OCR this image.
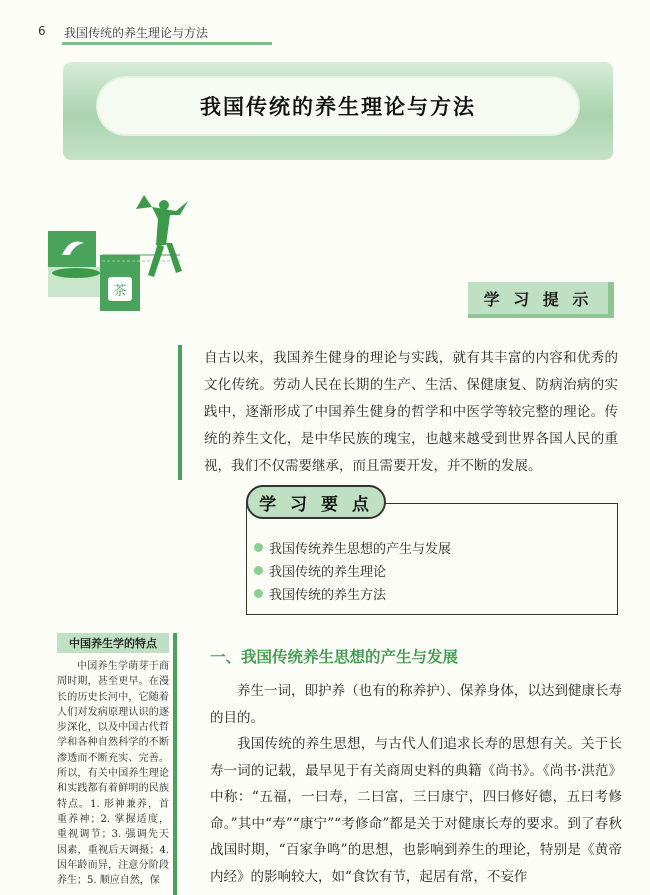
6 我国传统的养生理论与方法
我国传统的养生理论与方法
茶	学 习 提 示
自古以来，我国养生健身的理论与实践，就有其丰富的内容和优秀的文化传统。劳动人民在长期的生产、生活、保健康复、防病治病的实践中，逐渐形成了中国养生健身的哲学和中医学等较完整的理论。传统的养生文化，是中华民族的瑰宝，也越来越受到世界各国人民的重视，我们不仅需要继承，而且需要开发，并不断的发展。
学 习 要 点
我国传统养生思想的产生与发展
我国传统的养生理论
我国传统的养生方法
中国养生学的特点
中国养生学萌芽于商周时期，甚至更早。在漫长的历史长河中，它随着人们对发病原理认识的逐步深化，以及中国古代哲学和各种自然科学的不断渗透而不断充实、完善。所以，有关中国养生理论和实践都有着鲜明的民族特点。1. 形神兼养，首重养神；2. 掌握适度，重视调节；3. 强调先天因素，重视后天调摄；4. 因年龄而异，注意分阶段养生；5. 顺应自然，保
一、我国传统养生思想的产生与发展

养生一词，即护养（也有的称养护）、保养身体，以达到健康长寿的目的。

我国传统的养生思想，与古代人们追求长寿的思想有关。关于长寿一词的记载，最早见于有关商周史料的典籍《尚书》。《尚书·洪范》中称：“五福，一曰寿，二曰富，三曰康宁，四曰修好德，五曰考修命。”其中“寿”“康宁”“考修命”都是关于对健康长寿的要求。到了春秋战国时期，“百家争鸣”的思想，也影响到养生的理论，特别是《黄帝内经》的影响较大，如“食饮有节，起居有常，不妄作
